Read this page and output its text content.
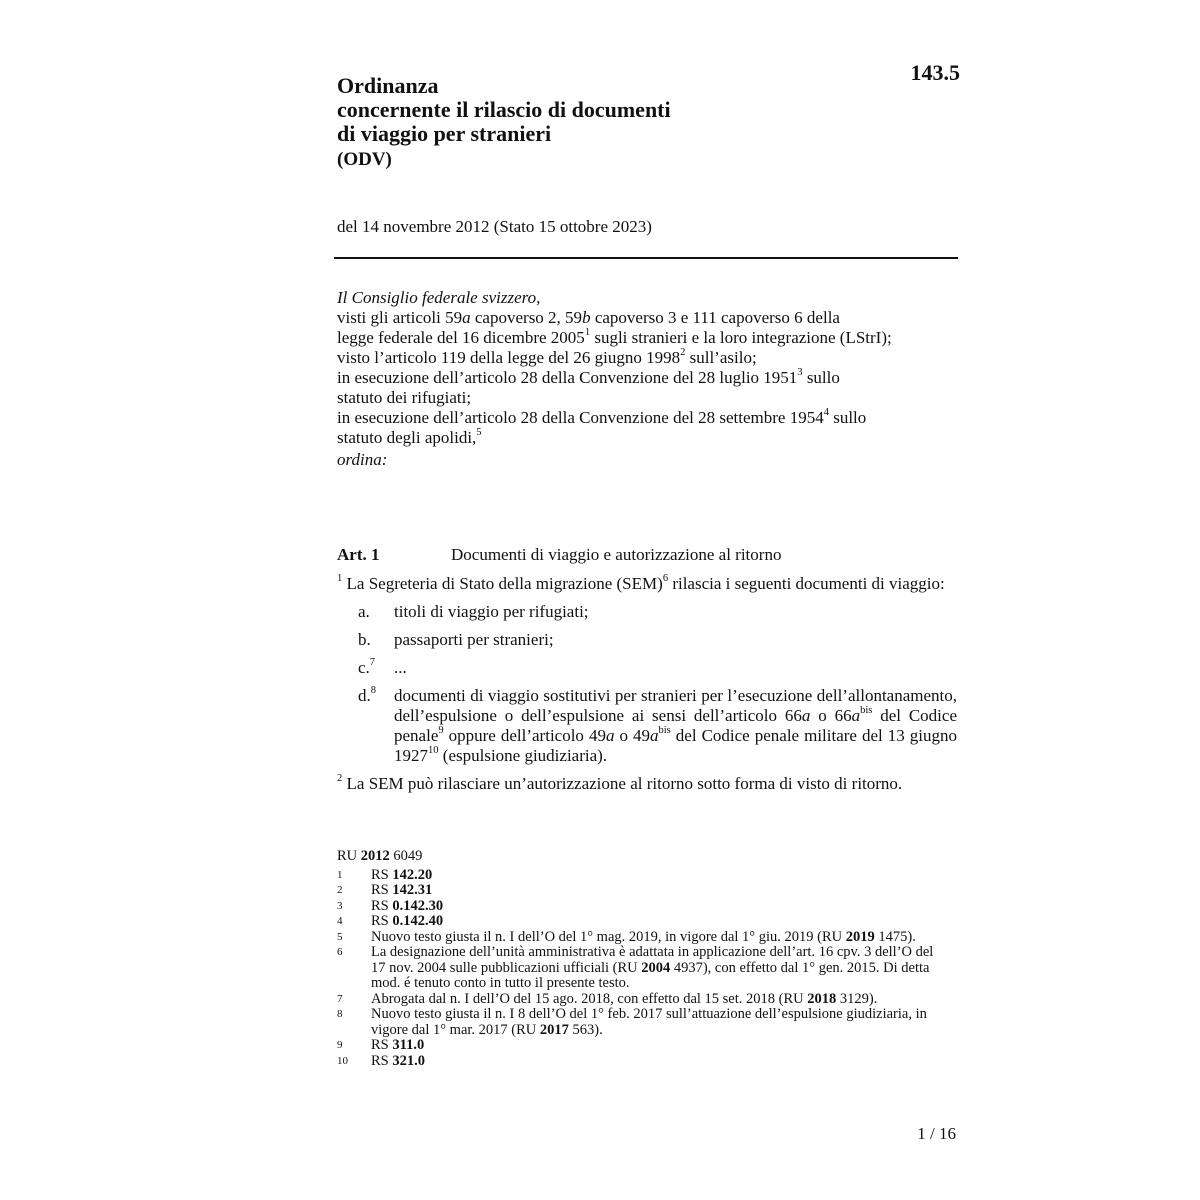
143.5
Ordinanza
concernente il rilascio di documenti
di viaggio per stranieri
(ODV)
del 14 novembre 2012 (Stato 15 ottobre 2023)
Il Consiglio federale svizzero,
visti gli articoli 59a capoverso 2, 59b capoverso 3 e 111 capoverso 6 della
legge federale del 16 dicembre 2005$^1$ sugli stranieri e la loro integrazione (LStrI);
visto l’articolo 119 della legge del 26 giugno 1998$^2$ sull’asilo;
in esecuzione dell’articolo 28 della Convenzione del 28 luglio 1951$^3$ sullo
statuto dei rifugiati;
in esecuzione dell’articolo 28 della Convenzione del 28 settembre 1954$^4$ sullo
statuto degli apolidi,$^5$
ordina:
Art. 1	Documenti di viaggio e autorizzazione al ritorno
$^1$ La Segreteria di Stato della migrazione (SEM)$^6$ rilascia i seguenti documenti di viaggio:
a.	titoli di viaggio per rifugiati;
b.	passaporti per stranieri;
c.$^7$ ...
d.$^8$ documenti di viaggio sostitutivi per stranieri per l’esecuzione dell’allontanamento, dell’espulsione o dell’espulsione ai sensi dell’articolo 66a o $66a^{bis}$ del Codice penale$^9$ oppure dell’articolo 49a o $49a^{bis}$ del Codice penale militare del 13 giugno 1927$^{10}$ (espulsione giudiziaria).
$^2$ La SEM può rilasciare un’autorizzazione al ritorno sotto forma di visto di ritorno.
RU 2012 6049
1	RS 142.20
2	RS 142.31
3	RS 0.142.30
4	RS 0.142.40
5	Nuovo testo giusta il n. I dell’O del 1° mag. 2019, in vigore dal 1° giu. 2019 (RU 2019 1475).
6	La designazione dell’unità amministrativa è adattata in applicazione dell’art. 16 cpv. 3 dell’O del 17 nov. 2004 sulle pubblicazioni ufficiali (RU 2004 4937), con effetto dal 1° gen. 2015. Di detta mod. é tenuto conto in tutto il presente testo.
7	Abrogata dal n. I dell’O del 15 ago. 2018, con effetto dal 15 set. 2018 (RU 2018 3129).
8	Nuovo testo giusta il n. I 8 dell’O del 1° feb. 2017 sull’attuazione dell’espulsione giudiziaria, in vigore dal 1° mar. 2017 (RU 2017 563).
9	RS 311.0
10	RS 321.0
1 / 16
